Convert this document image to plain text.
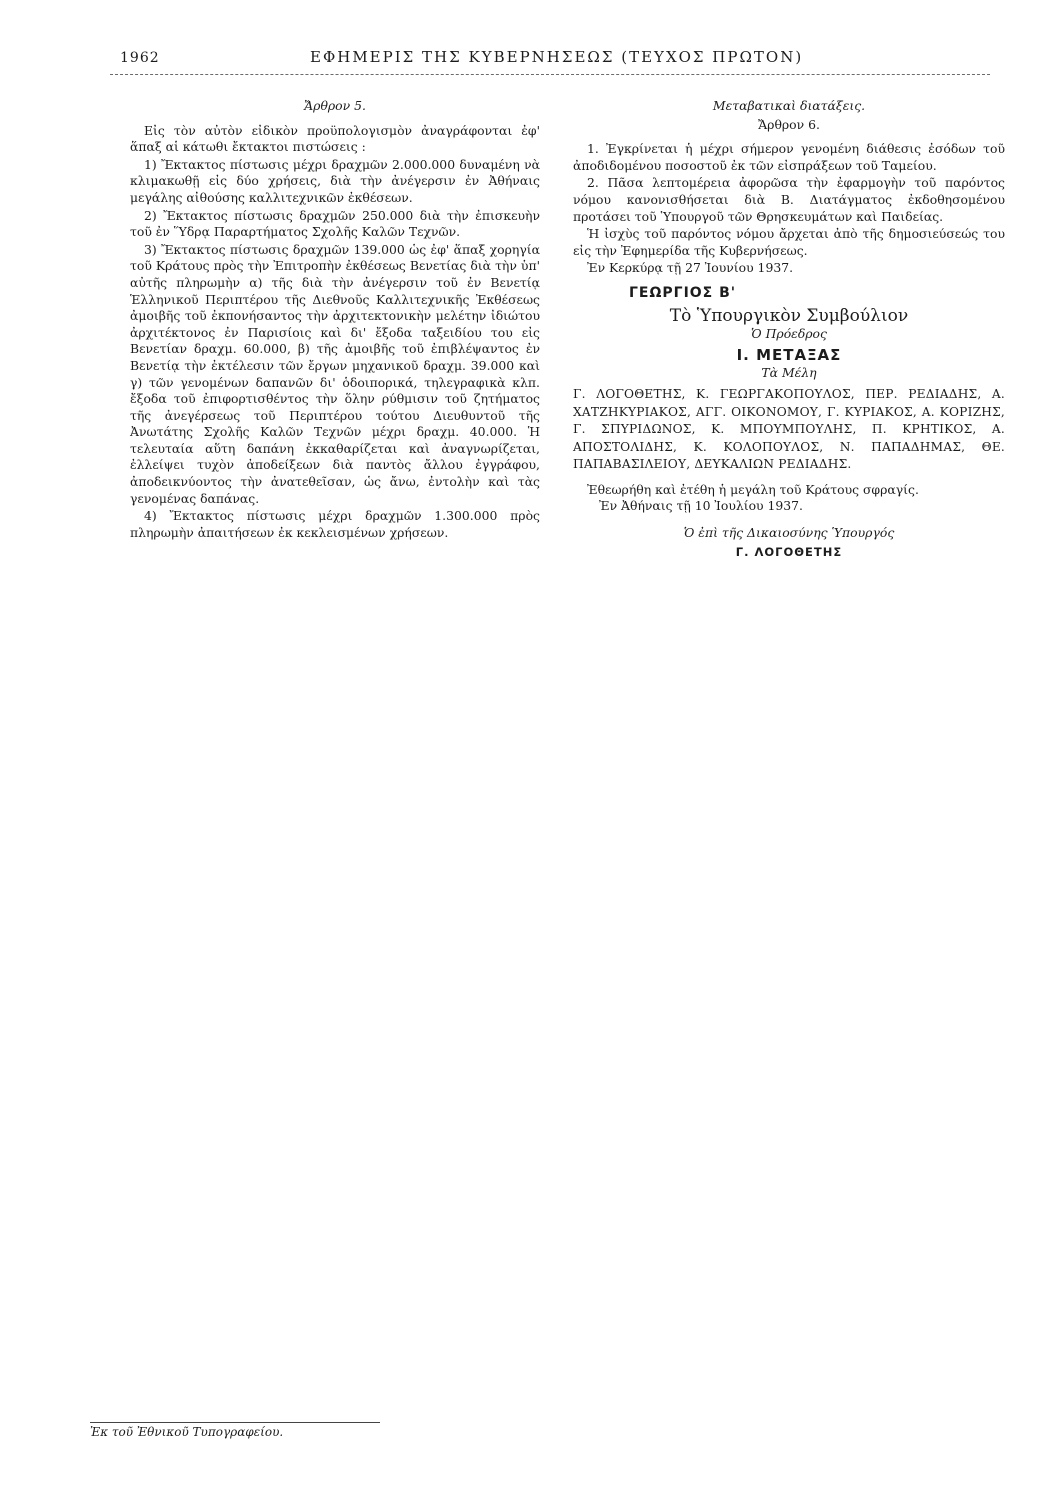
1962	ΕΦΗΜΕΡΙΣ ΤΗΣ ΚΥΒΕΡΝΗΣΕΩΣ (ΤΕΥΧΟΣ ΠΡΩΤΟΝ)
Ἄρθρον 5.

Εἰς τὸν αὐτὸν εἰδικὸν προϋπολογισμὸν ἀναγράφονται ἐφ' ἅπαξ αἱ κάτωθι ἔκτακτοι πιστώσεις :

1) Ἔκτακτος πίστωσις μέχρι δραχμῶν 2.000.000 δυναμένη νὰ κλιμακωθῇ εἰς δύο χρήσεις, διὰ τὴν ἀνέγερσιν ἐν Ἀθήναις μεγάλης αἰθούσης καλλιτεχνικῶν ἐκθέσεων.

2) Ἔκτακτος πίστωσις δραχμῶν 250.000 διὰ τὴν ἐπισκευὴν τοῦ ἐν Ὕδρᾳ Παραρτήματος Σχολῆς Καλῶν Τεχνῶν.

3) Ἔκτακτος πίστωσις δραχμῶν 139.000 ὡς ἐφ' ἅπαξ χορηγία τοῦ Κράτους πρὸς τὴν Ἐπιτροπὴν ἐκθέσεως Βενετίας διὰ τὴν ὑπ' αὐτῆς πληρωμὴν α) τῆς διὰ τὴν ἀνέγερσιν τοῦ ἐν Βενετίᾳ Ἑλληνικοῦ Περιπτέρου τῆς Διεθνοῦς Καλλιτεχνικῆς Ἐκθέσεως ἀμοιβῆς τοῦ ἐκπονήσαντος τὴν ἀρχιτεκτονικὴν μελέτην ἰδιώτου ἀρχιτέκτονος ἐν Παρισίοις καὶ δι' ἔξοδα ταξειδίου του εἰς Βενετίαν δραχμ. 60.000, β) τῆς ἀμοιβῆς τοῦ ἐπιβλέψαντος ἐν Βενετίᾳ τὴν ἐκτέλεσιν τῶν ἔργων μηχανικοῦ δραχμ. 39.000 καὶ γ) τῶν γενομένων δαπανῶν δι' ὁδοιπορικά, τηλεγραφικὰ κλπ. ἔξοδα τοῦ ἐπιφορτισθέντος τὴν ὅλην ρύθμισιν τοῦ ζητήματος τῆς ἀνεγέρσεως τοῦ Περιπτέρου τούτου Διευθυντοῦ τῆς Ἀνωτάτης Σχολῆς Καλῶν Τεχνῶν μέχρι δραχμ. 40.000. Ἡ τελευταία αὕτη δαπάνη ἐκκαθαρίζεται καὶ ἀναγνωρίζεται, ἐλλείψει τυχὸν ἀποδείξεων διὰ παντὸς ἄλλου ἐγγράφου, ἀποδεικνύοντος τὴν ἀνατεθεῖσαν, ὡς ἄνω, ἐντολὴν καὶ τὰς γενομένας δαπάνας.

4) Ἔκτακτος πίστωσις μέχρι δραχμῶν 1.300.000 πρὸς πληρωμὴν ἀπαιτήσεων ἐκ κεκλεισμένων χρήσεων.

Μεταβατικαὶ διατάξεις.
Ἄρθρον 6.

1. Ἐγκρίνεται ἡ μέχρι σήμερον γενομένη διάθεσις ἐσόδων τοῦ ἀποδιδομένου ποσοστοῦ ἐκ τῶν εἰσπράξεων τοῦ Ταμείου.

2. Πᾶσα λεπτομέρεια ἀφορῶσα τὴν ἐφαρμογὴν τοῦ παρόντος νόμου κανονισθήσεται διὰ Β. Διατάγματος ἐκδοθησομένου προτάσει τοῦ Ὑπουργοῦ τῶν Θρησκευμάτων καὶ Παιδείας.

Ἡ ἰσχὺς τοῦ παρόντος νόμου ἄρχεται ἀπὸ τῆς δημοσιεύσεώς του εἰς τὴν Ἐφημερίδα τῆς Κυβερνήσεως.

Ἐν Κερκύρᾳ τῇ 27 Ἰουνίου 1937.

ΓΕΩΡΓΙΟΣ Β'
Τὸ Ὑπουργικὸν Συμβούλιον
Ὁ Πρόεδρος
Ι. ΜΕΤΑΞΑΣ
Τὰ Μέλη
Γ. ΛΟΓΟΘΕΤΗΣ, Κ. ΓΕΩΡΓΑΚΟΠΟΥΛΟΣ, ΠΕΡ. ΡΕΔΙΑΔΗΣ, Α. ΧΑΤΖΗΚΥΡΙΑΚΟΣ, ΑΓΓ. ΟΙΚΟΝΟΜΟΥ, Γ. ΚΥΡΙΑΚΟΣ, Α. ΚΟΡΙΖΗΣ, Γ. ΣΠΥΡΙΔΩΝΟΣ, Κ. ΜΠΟΥΜΠΟΥΛΗΣ, Π. ΚΡΗΤΙΚΟΣ, Α. ΑΠΟΣΤΟΛΙΔΗΣ, Κ. ΚΟΛΟΠΟΥΛΟΣ, Ν. ΠΑΠΑΔΗΜΑΣ, ΘΕ. ΠΑΠΑΒΑΣΙΛΕΙΟΥ, ΔΕΥΚΑΛΙΩΝ ΡΕΔΙΑΔΗΣ.

Ἐθεωρήθη καὶ ἐτέθη ἡ μεγάλη τοῦ Κράτους σφραγίς.

Ἐν Ἀθήναις τῇ 10 Ἰουλίου 1937.

Ὁ ἐπὶ τῆς Δικαιοσύνης Ὑπουργός
Γ. ΛΟΓΟΘΕΤΗΣ
Ἐκ τοῦ Ἐθνικοῦ Τυπογραφείου.
